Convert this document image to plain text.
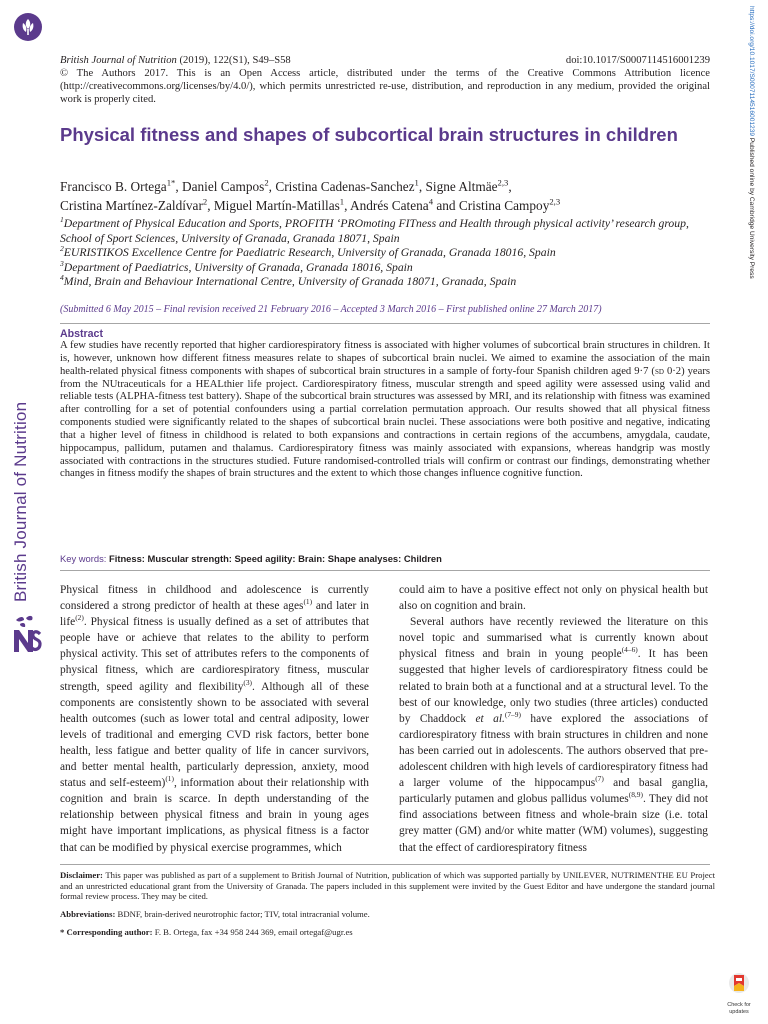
British Journal of Nutrition
https://doi.org/10.1017/S0007114516001239 Published online by Cambridge University Press
British Journal of Nutrition (2019), 122(S1), S49–S58	doi:10.1017/S0007114516001239
© The Authors 2017. This is an Open Access article, distributed under the terms of the Creative Commons Attribution licence (http://creativecommons.org/licenses/by/4.0/), which permits unrestricted re-use, distribution, and reproduction in any medium, provided the original work is properly cited.
Physical fitness and shapes of subcortical brain structures in children
Francisco B. Ortega$^{1*}$, Daniel Campos$^2$, Cristina Cadenas-Sanchez$^1$, Signe Altmäe$^{2,3}$,
Cristina Martínez-Zaldívar$^2$, Miguel Martín-Matillas$^1$, Andrés Catena$^4$ and Cristina Campoy$^{2,3}$
$^1$Department of Physical Education and Sports, PROFITH ‘PROmoting FITness and Health through physical activity’ research group, School of Sport Sciences, University of Granada, Granada 18071, Spain
$^2$EURISTIKOS Excellence Centre for Paediatric Research, University of Granada, Granada 18016, Spain
$^3$Department of Paediatrics, University of Granada, Granada 18016, Spain
$^4$Mind, Brain and Behaviour International Centre, University of Granada 18071, Granada, Spain
(Submitted 6 May 2015 – Final revision received 21 February 2016 – Accepted 3 March 2016 – First published online 27 March 2017)
Abstract
A few studies have recently reported that higher cardiorespiratory fitness is associated with higher volumes of subcortical brain structures in children. It is, however, unknown how different fitness measures relate to shapes of subcortical brain nuclei. We aimed to examine the association of the main health-related physical fitness components with shapes of subcortical brain structures in a sample of forty-four Spanish children aged 9·7 (sd 0·2) years from the NUtraceuticals for a HEALthier life project. Cardiorespiratory fitness, muscular strength and speed agility were assessed using valid and reliable tests (ALPHA-fitness test battery). Shape of the subcortical brain structures was assessed by MRI, and its relationship with fitness was examined after controlling for a set of potential confounders using a partial correlation permutation approach. Our results showed that all physical fitness components studied were significantly related to the shapes of subcortical brain nuclei. These associations were both positive and negative, indicating that a higher level of fitness in childhood is related to both expansions and contractions in certain regions of the accumbens, amygdala, caudate, hippocampus, pallidum, putamen and thalamus. Cardiorespiratory fitness was mainly associated with expansions, whereas handgrip was mostly associated with contractions in the structures studied. Future randomised-controlled trials will confirm or contrast our findings, demonstrating whether changes in fitness modify the shapes of brain structures and the extent to which those changes influence cognitive function.
Key words: Fitness: Muscular strength: Speed agility: Brain: Shape analyses: Children

Physical fitness in childhood and adolescence is currently considered a strong predictor of health at these ages$^{(1)}$ and later in life$^{(2)}$. Physical fitness is usually defined as a set of attributes that people have or achieve that relates to the ability to perform physical activity. This set of attributes refers to the components of physical fitness, which are cardiorespiratory fitness, muscular strength, speed agility and flexibility$^{(3)}$. Although all of these components are consistently shown to be associated with several health outcomes (such as lower total and central adiposity, lower levels of traditional and emerging CVD risk factors, better bone health, less fatigue and better quality of life in cancer survivors, and better mental health, particularly depression, anxiety, mood status and self-esteem)$^{(1)}$, information about their relationship with cognition and brain is scarce. In depth understanding of the relationship between physical fitness and brain in young ages might have important implications, as physical fitness is a factor that can be modified by physical exercise programmes, which

could aim to have a positive effect not only on physical health but also on cognition and brain.

Several authors have recently reviewed the literature on this novel topic and summarised what is currently known about physical fitness and brain in young people$^{(4-6)}$. It has been suggested that higher levels of cardiorespiratory fitness could be related to brain both at a functional and at a structural level. To the best of our knowledge, only two studies (three articles) conducted by Chaddock et al.$^{(7-9)}$ have explored the associations of cardiorespiratory fitness with brain structures in children and none has been carried out in adolescents. The authors observed that pre-adolescent children with high levels of cardiorespiratory fitness had a larger volume of the hippocampus$^{(7)}$ and basal ganglia, particularly putamen and globus pallidus volumes$^{(8,9)}$. They did not find associations between fitness and whole-brain size (i.e. total grey matter (GM) and/or white matter (WM) volumes), suggesting that the effect of cardiorespiratory fitness

Disclaimer: This paper was published as part of a supplement to British Journal of Nutrition, publication of which was supported partially by UNILEVER, NUTRIMENTHE EU Project and an unrestricted educational grant from the University of Granada. The papers included in this supplement were invited by the Guest Editor and have undergone the standard journal formal review process. They may be cited.
Abbreviations: BDNF, brain-derived neurotrophic factor; TIV, total intracranial volume.
* Corresponding author: F. B. Ortega, fax +34 958 244 369, email ortegaf@ugr.es
Check for
updates
